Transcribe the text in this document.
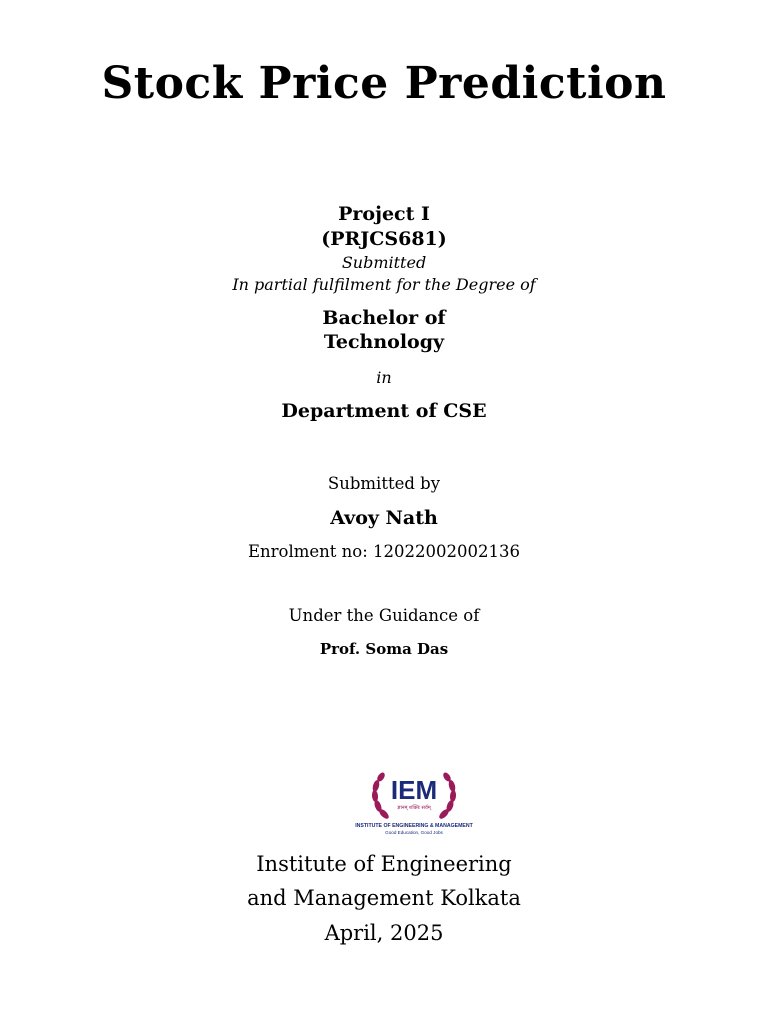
Stock Price Prediction

Project I

(PRJCS681)

Submitted

In partial fulfilment for the Degree of

Bachelor of

Technology

in

Department of CSE

Submitted by

Avoy Nath

Enrolment no: 12022002002136

Under the Guidance of

Prof. Soma Das

IEM
ज्ञानम् शक्तिः सर्वम्
INSTITUTE OF ENGINEERING & MANAGEMENT
Good Education, Good Jobs

Institute of Engineering

and Management Kolkata

April, 2025
